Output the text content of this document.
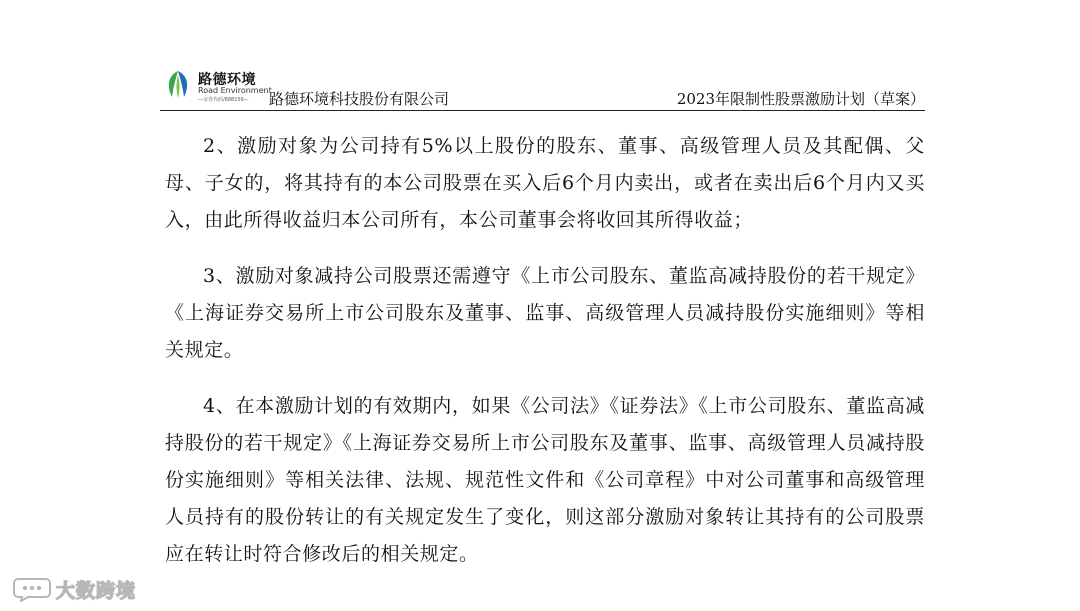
路德环境
Road Environment
—证券代码/688156— 路德环境科技股份有限公司	2023年限制性股票激励计划（草案）

2、激励对象为公司持有5%以上股份的股东、董事、高级管理人员及其配偶、父母、子女的，将其持有的本公司股票在买入后6个月内卖出，或者在卖出后6个月内又买入，由此所得收益归本公司所有，本公司董事会将收回其所得收益；

3、激励对象减持公司股票还需遵守《上市公司股东、董监高减持股份的若干规定》《上海证券交易所上市公司股东及董事、监事、高级管理人员减持股份实施细则》等相关规定。

4、在本激励计划的有效期内，如果《公司法》《证券法》《上市公司股东、董监高减持股份的若干规定》《上海证券交易所上市公司股东及董事、监事、高级管理人员减持股份实施细则》等相关法律、法规、规范性文件和《公司章程》中对公司董事和高级管理人员持有的股份转让的有关规定发生了变化，则这部分激励对象转让其持有的公司股票应在转让时符合修改后的相关规定。

大数跨境
